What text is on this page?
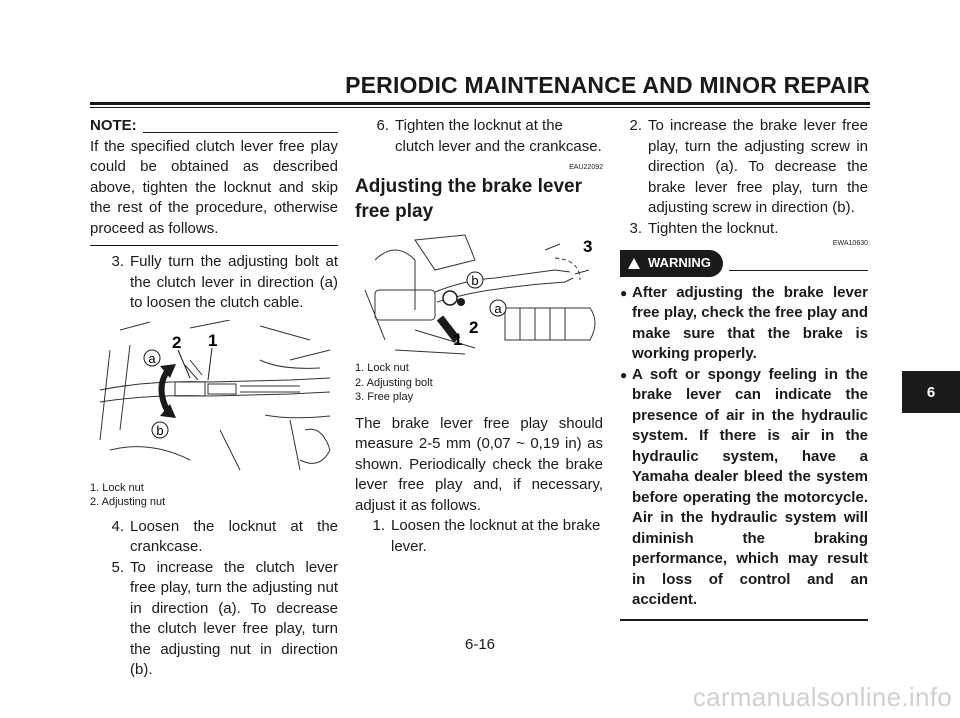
PERIODIC MAINTENANCE AND MINOR REPAIR
NOTE:

If the specified clutch lever free play could be obtained as described above, tighten the locknut and skip the rest of the procedure, otherwise proceed as follows.

3. Fully turn the adjusting bolt at the clutch lever in direction (a) to loosen the clutch cable.
a
b
2 1
1. Lock nut
2. Adjusting nut
4. Loosen the locknut at the crankcase.
5. To increase the clutch lever free play, turn the adjusting nut in direction (a). To decrease the clutch lever free play, turn the adjusting nut in direction (b).
6. Tighten the locknut at the clutch lever and the crankcase.
EAU22092
Adjusting the brake lever free play
b
a
1
2
3
1. Lock nut
2. Adjusting bolt
3. Free play

The brake lever free play should measure 2-5 mm (0,07 ~ 0,19 in) as shown. Periodically check the brake lever free play and, if necessary, adjust it as follows.

1. Loosen the locknut at the brake lever.
2. To increase the brake lever free play, turn the adjusting screw in direction (a). To decrease the brake lever free play, turn the adjusting screw in direction (b).
3. Tighten the locknut.
EWA10630
WARNING
● After adjusting the brake lever free play, check the free play and make sure that the brake is working properly.
● A soft or spongy feeling in the brake lever can indicate the presence of air in the hydraulic system. If there is air in the hydraulic system, have a Yamaha dealer bleed the system before operating the motorcycle. Air in the hydraulic system will diminish the braking performance, which may result in loss of control and an accident.
6
6-16
carmanualsonline.info
